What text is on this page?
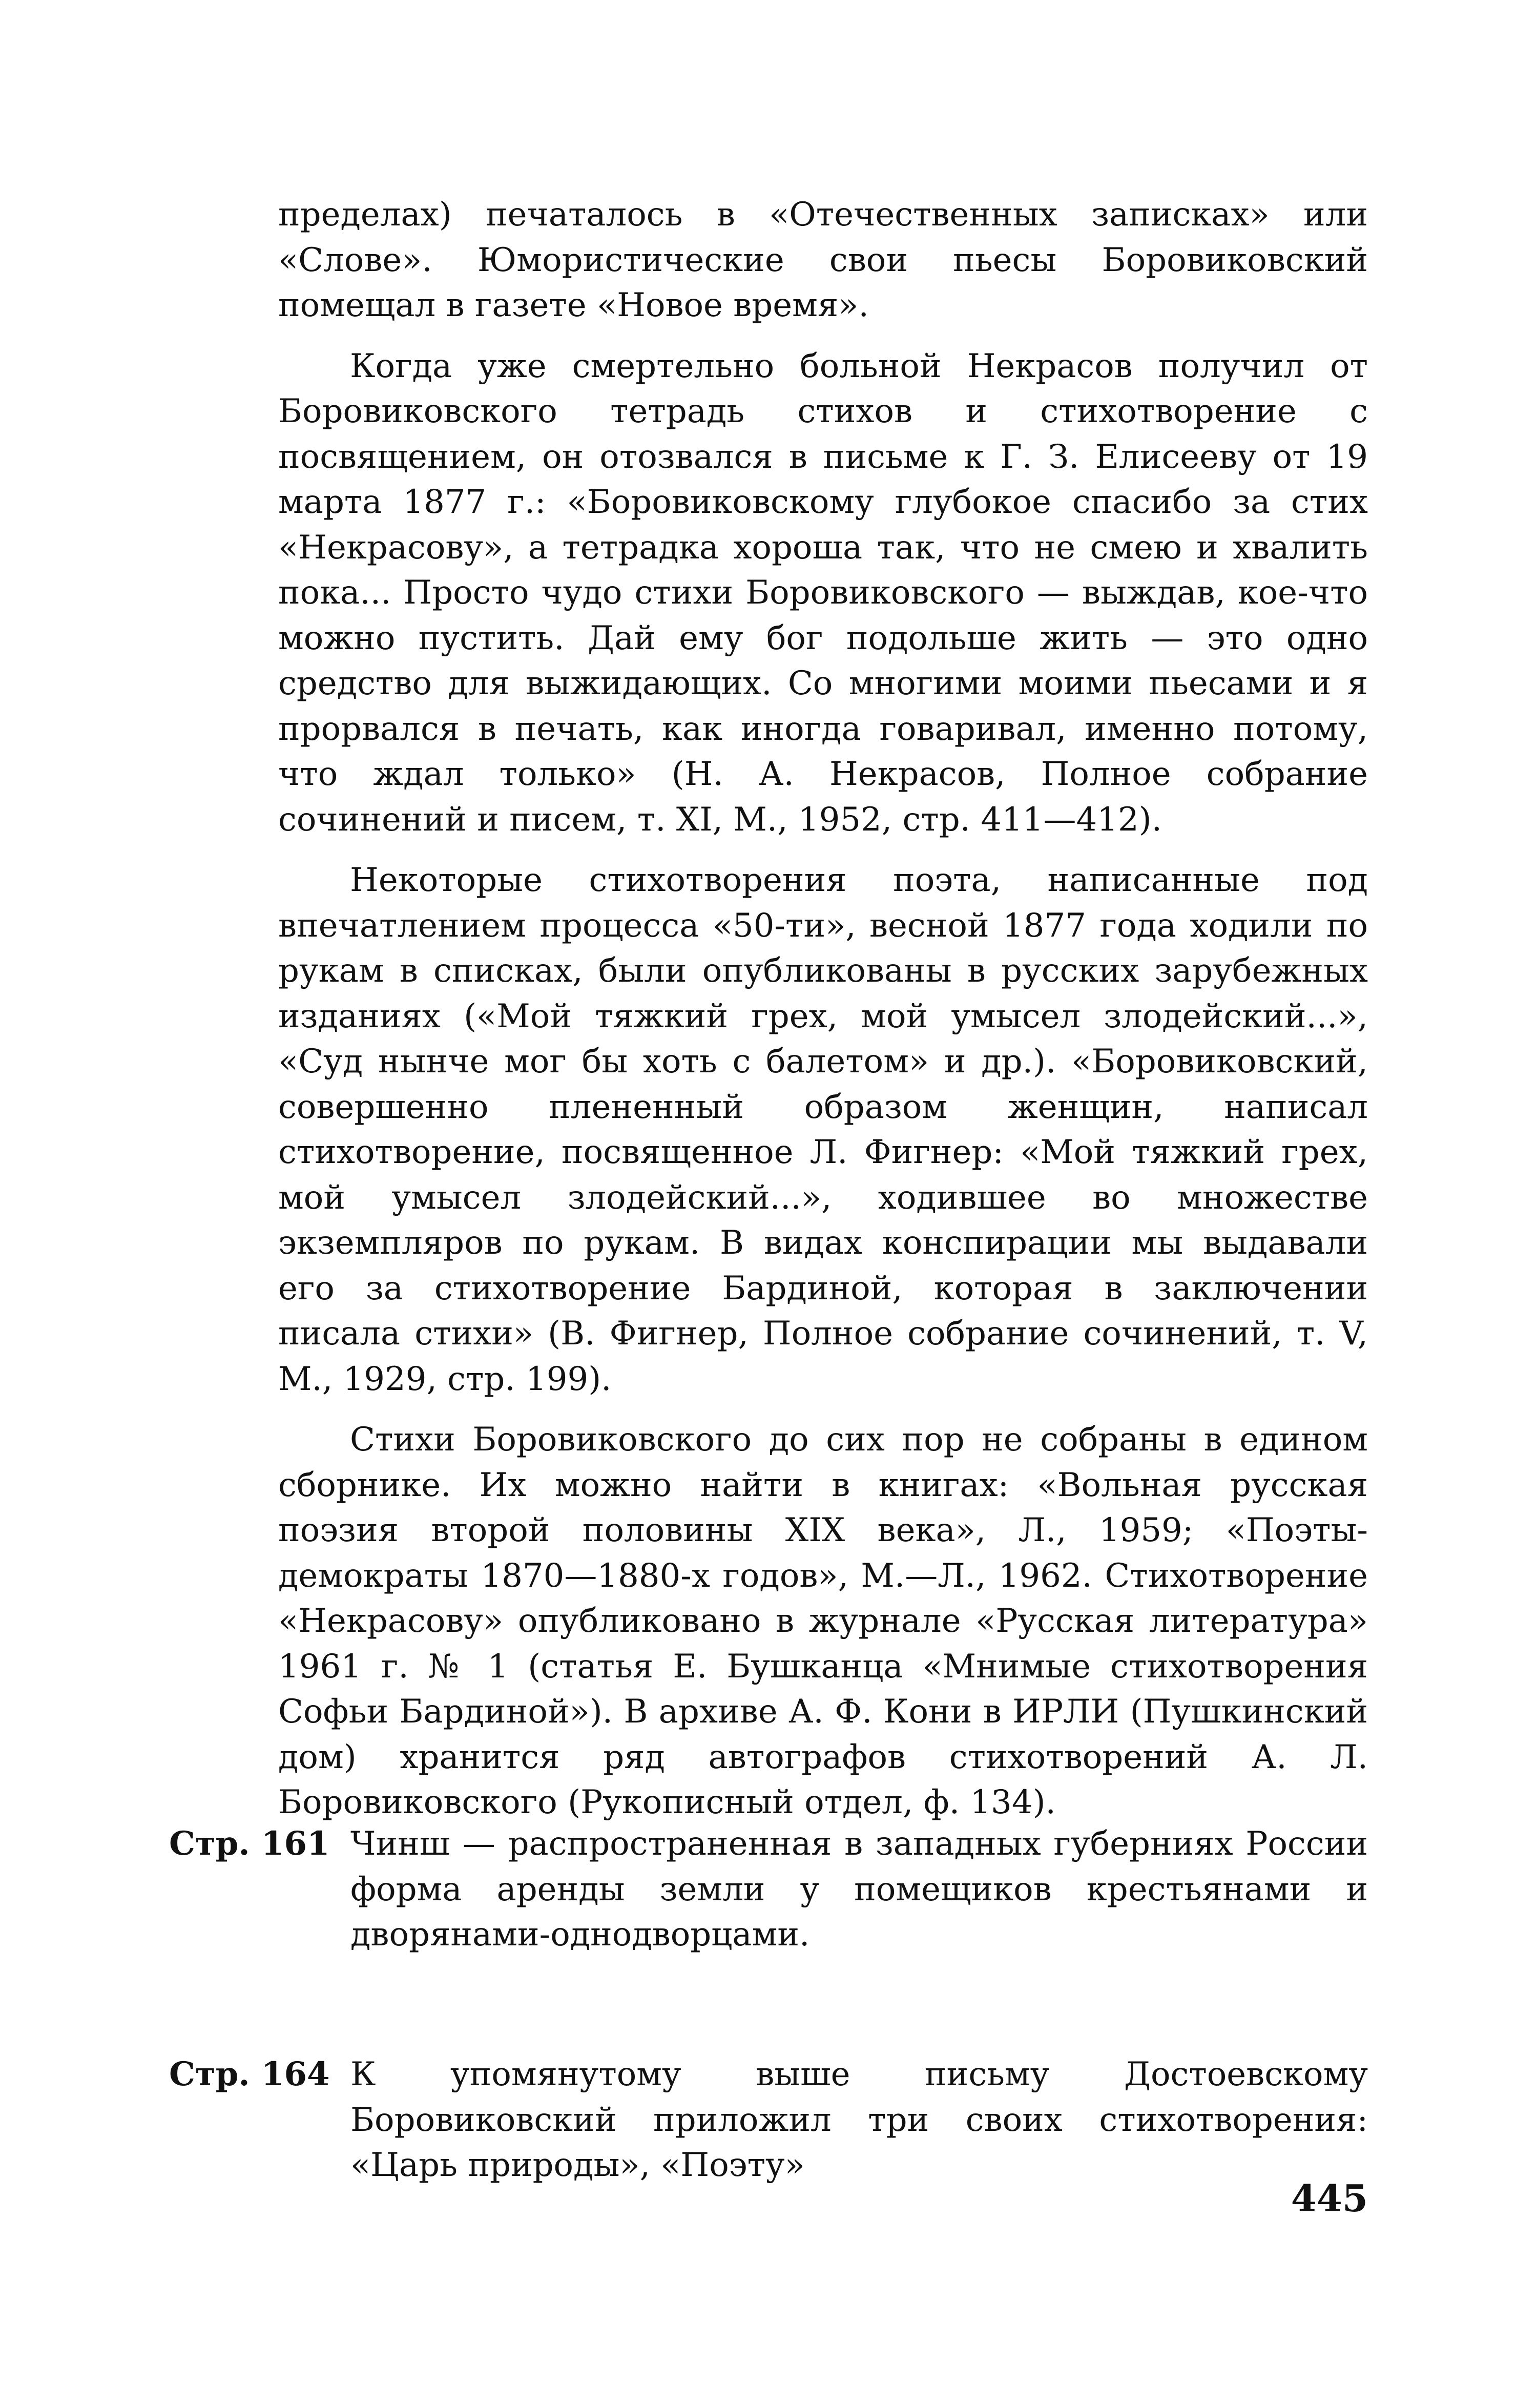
пределах) печаталось в «Отечественных записках» или «Слове». Юмористические свои пьесы Боровиковский помещал в газете «Новое время».

Когда уже смертельно больной Некрасов получил от Боровиковского тетрадь стихов и стихотворение с посвящением, он отозвался в письме к Г. З. Елисееву от 19 марта 1877 г.: «Боровиковскому глубокое спасибо за стих «Некрасову», а тетрадка хороша так, что не смею и хвалить пока... Просто чудо стихи Боровиковского — выждав, кое-что можно пустить. Дай ему бог подольше жить — это одно средство для выжидающих. Со многими моими пьесами и я прорвался в печать, как иногда говаривал, именно потому, что ждал только» (Н. А. Некрасов, Полное собрание сочинений и писем, т. XI, М., 1952, стр. 411—412).

Некоторые стихотворения поэта, написанные под впечатлением процесса «50-ти», весной 1877 года ходили по рукам в списках, были опубликованы в русских зарубежных изданиях («Мой тяжкий грех, мой умысел злодейский...», «Суд нынче мог бы хоть с балетом» и др.). «Боровиковский, совершенно плененный образом женщин, написал стихотворение, посвященное Л. Фигнер: «Мой тяжкий грех, мой умысел злодейский...», ходившее во множестве экземпляров по рукам. В видах конспирации мы выдавали его за стихотворение Бардиной, которая в заключении писала стихи» (В. Фигнер, Полное собрание сочинений, т. V, М., 1929, стр. 199).

Стихи Боровиковского до сих пор не собраны в едином сборнике. Их можно найти в книгах: «Вольная русская поэзия второй половины XIX века», Л., 1959; «Поэты-демократы 1870—1880-х годов», М.—Л., 1962. Стихотворение «Некрасову» опубликовано в журнале «Русская литература» 1961 г. № 1 (статья Е. Бушканца «Мнимые стихотворения Софьи Бардиной»). В архиве А. Ф. Кони в ИРЛИ (Пушкинский дом) хранится ряд автографов стихотворений А. Л. Боровиковского (Рукописный отдел, ф. 134).

Стр. 161 Чинш — распространенная в западных губерниях России форма аренды земли у помещиков крестьянами и дворянами-однодворцами.
Стр. 164 К упомянутому выше письму Достоевскому Боровиковский приложил три своих стихотворения: «Царь природы», «Поэту»
445
